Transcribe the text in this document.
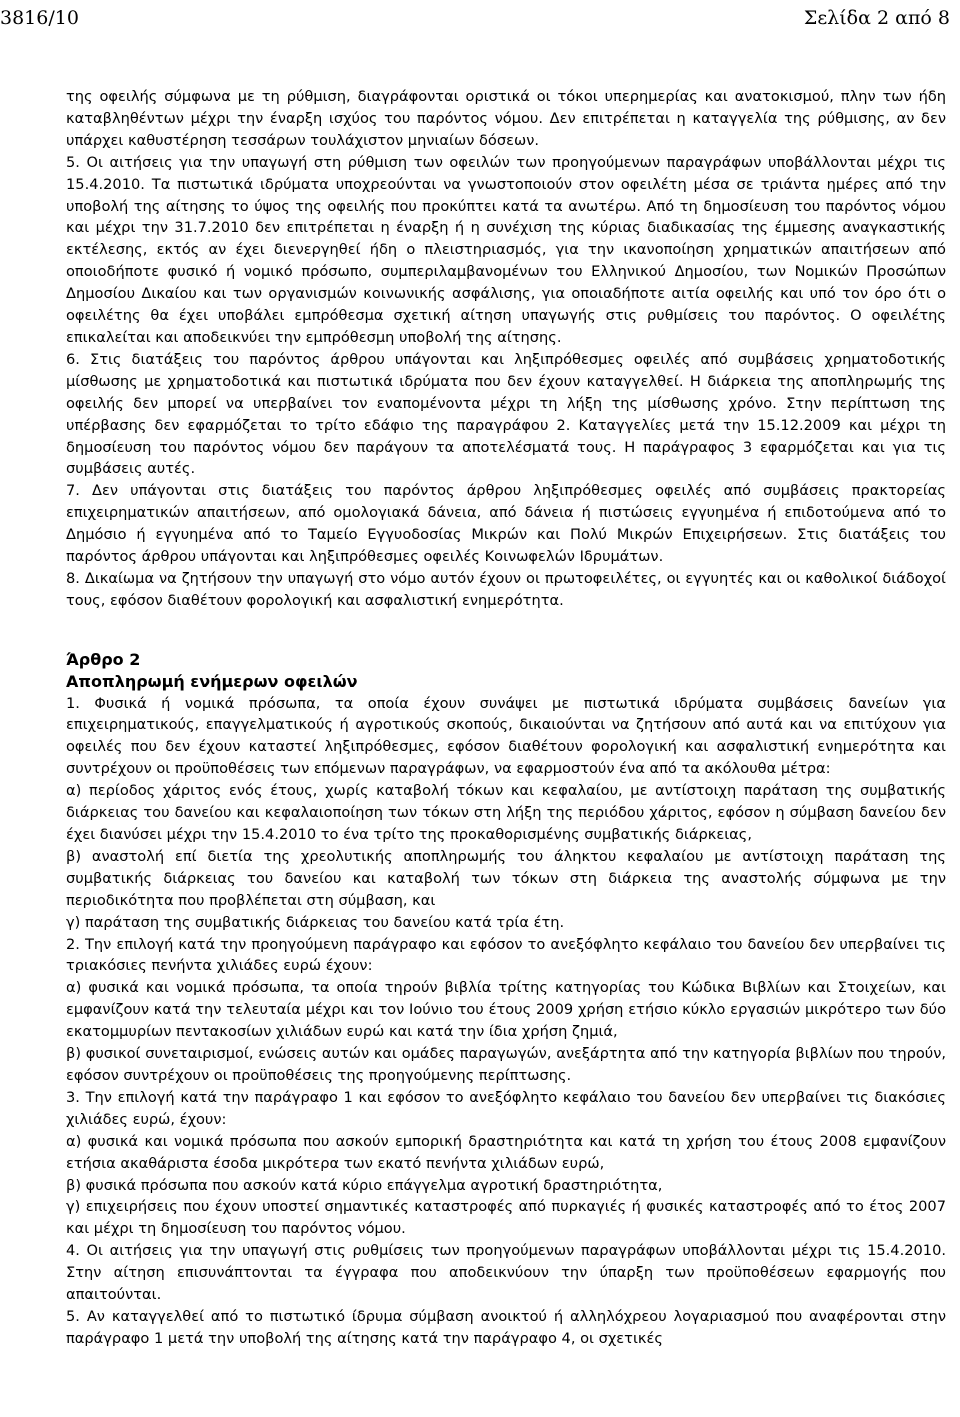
3816/10	Σελίδα 2 από 8

της οφειλής σύμφωνα με τη ρύθμιση, διαγράφονται οριστικά οι τόκοι υπερημερίας και ανατοκισμού, πλην των ήδη καταβληθέντων μέχρι την έναρξη ισχύος του παρόντος νόμου. Δεν επιτρέπεται η καταγγελία της ρύθμισης, αν δεν υπάρχει καθυστέρηση τεσσάρων τουλάχιστον μηνιαίων δόσεων.

5. Οι αιτήσεις για την υπαγωγή στη ρύθμιση των οφειλών των προηγούμενων παραγράφων υποβάλλονται μέχρι τις 15.4.2010. Τα πιστωτικά ιδρύματα υποχρεούνται να γνωστοποιούν στον οφειλέτη μέσα σε τριάντα ημέρες από την υποβολή της αίτησης το ύψος της οφειλής που προκύπτει κατά τα ανωτέρω. Από τη δημοσίευση του παρόντος νόμου και μέχρι την 31.7.2010 δεν επιτρέπεται η έναρξη ή η συνέχιση της κύριας διαδικασίας της έμμεσης αναγκαστικής εκτέλεσης, εκτός αν έχει διενεργηθεί ήδη ο πλειστηριασμός, για την ικανοποίηση χρηματικών απαιτήσεων από οποιοδήποτε φυσικό ή νομικό πρόσωπο, συμπεριλαμβανομένων του Ελληνικού Δημοσίου, των Νομικών Προσώπων Δημοσίου Δικαίου και των οργανισμών κοινωνικής ασφάλισης, για οποιαδήποτε αιτία οφειλής και υπό τον όρο ότι ο οφειλέτης θα έχει υποβάλει εμπρόθεσμα σχετική αίτηση υπαγωγής στις ρυθμίσεις του παρόντος. Ο οφειλέτης επικαλείται και αποδεικνύει την εμπρόθεσμη υποβολή της αίτησης.

6. Στις διατάξεις του παρόντος άρθρου υπάγονται και ληξιπρόθεσμες οφειλές από συμβάσεις χρηματοδοτικής μίσθωσης με χρηματοδοτικά και πιστωτικά ιδρύματα που δεν έχουν καταγγελθεί. Η διάρκεια της αποπληρωμής της οφειλής δεν μπορεί να υπερβαίνει τον εναπομένοντα μέχρι τη λήξη της μίσθωσης χρόνο. Στην περίπτωση της υπέρβασης δεν εφαρμόζεται το τρίτο εδάφιο της παραγράφου 2. Καταγγελίες μετά την 15.12.2009 και μέχρι τη δημοσίευση του παρόντος νόμου δεν παράγουν τα αποτελέσματά τους. Η παράγραφος 3 εφαρμόζεται και για τις συμβάσεις αυτές.

7. Δεν υπάγονται στις διατάξεις του παρόντος άρθρου ληξιπρόθεσμες οφειλές από συμβάσεις πρακτορείας επιχειρηματικών απαιτήσεων, από ομολογιακά δάνεια, από δάνεια ή πιστώσεις εγγυημένα ή επιδοτούμενα από το Δημόσιο ή εγγυημένα από το Ταμείο Εγγυοδοσίας Μικρών και Πολύ Μικρών Επιχειρήσεων. Στις διατάξεις του παρόντος άρθρου υπάγονται και ληξιπρόθεσμες οφειλές Κοινωφελών Ιδρυμάτων.

8. Δικαίωμα να ζητήσουν την υπαγωγή στο νόμο αυτόν έχουν οι πρωτοφειλέτες, οι εγγυητές και οι καθολικοί διάδοχοί τους, εφόσον διαθέτουν φορολογική και ασφαλιστική ενημερότητα.

Άρθρο 2

Αποπληρωμή ενήμερων οφειλών

1. Φυσικά ή νομικά πρόσωπα, τα οποία έχουν συνάψει με πιστωτικά ιδρύματα συμβάσεις δανείων για επιχειρηματικούς, επαγγελματικούς ή αγροτικούς σκοπούς, δικαιούνται να ζητήσουν από αυτά και να επιτύχουν για οφειλές που δεν έχουν καταστεί ληξιπρόθεσμες, εφόσον διαθέτουν φορολογική και ασφαλιστική ενημερότητα και συντρέχουν οι προϋποθέσεις των επόμενων παραγράφων, να εφαρμοστούν ένα από τα ακόλουθα μέτρα:

α) περίοδος χάριτος ενός έτους, χωρίς καταβολή τόκων και κεφαλαίου, με αντίστοιχη παράταση της συμβατικής διάρκειας του δανείου και κεφαλαιοποίηση των τόκων στη λήξη της περιόδου χάριτος, εφόσον η σύμβαση δανείου δεν έχει διανύσει μέχρι την 15.4.2010 το ένα τρίτο της προκαθορισμένης συμβατικής διάρκειας,

β) αναστολή επί διετία της χρεολυτικής αποπληρωμής του άληκτου κεφαλαίου με αντίστοιχη παράταση της συμβατικής διάρκειας του δανείου και καταβολή των τόκων στη διάρκεια της αναστολής σύμφωνα με την περιοδικότητα που προβλέπεται στη σύμβαση, και

γ) παράταση της συμβατικής διάρκειας του δανείου κατά τρία έτη.

2. Την επιλογή κατά την προηγούμενη παράγραφο και εφόσον το ανεξόφλητο κεφάλαιο του δανείου δεν υπερβαίνει τις τριακόσιες πενήντα χιλιάδες ευρώ έχουν:

α) φυσικά και νομικά πρόσωπα, τα οποία τηρούν βιβλία τρίτης κατηγορίας του Κώδικα Βιβλίων και Στοιχείων, και εμφανίζουν κατά την τελευταία μέχρι και τον Ιούνιο του έτους 2009 χρήση ετήσιο κύκλο εργασιών μικρότερο των δύο εκατομμυρίων πεντακοσίων χιλιάδων ευρώ και κατά την ίδια χρήση ζημιά,

β) φυσικοί συνεταιρισμοί, ενώσεις αυτών και ομάδες παραγωγών, ανεξάρτητα από την κατηγορία βιβλίων που τηρούν, εφόσον συντρέχουν οι προϋποθέσεις της προηγούμενης περίπτωσης.

3. Την επιλογή κατά την παράγραφο 1 και εφόσον το ανεξόφλητο κεφάλαιο του δανείου δεν υπερβαίνει τις διακόσιες χιλιάδες ευρώ, έχουν:

α) φυσικά και νομικά πρόσωπα που ασκούν εμπορική δραστηριότητα και κατά τη χρήση του έτους 2008 εμφανίζουν ετήσια ακαθάριστα έσοδα μικρότερα των εκατό πενήντα χιλιάδων ευρώ,

β) φυσικά πρόσωπα που ασκούν κατά κύριο επάγγελμα αγροτική δραστηριότητα,

γ) επιχειρήσεις που έχουν υποστεί σημαντικές καταστροφές από πυρκαγιές ή φυσικές καταστροφές από το έτος 2007 και μέχρι τη δημοσίευση του παρόντος νόμου.

4. Οι αιτήσεις για την υπαγωγή στις ρυθμίσεις των προηγούμενων παραγράφων υποβάλλονται μέχρι τις 15.4.2010. Στην αίτηση επισυνάπτονται τα έγγραφα που αποδεικνύουν την ύπαρξη των προϋποθέσεων εφαρμογής που απαιτούνται.

5. Αν καταγγελθεί από το πιστωτικό ίδρυμα σύμβαση ανοικτού ή αλληλόχρεου λογαριασμού που αναφέρονται στην παράγραφο 1 μετά την υποβολή της αίτησης κατά την παράγραφο 4, οι σχετικές
